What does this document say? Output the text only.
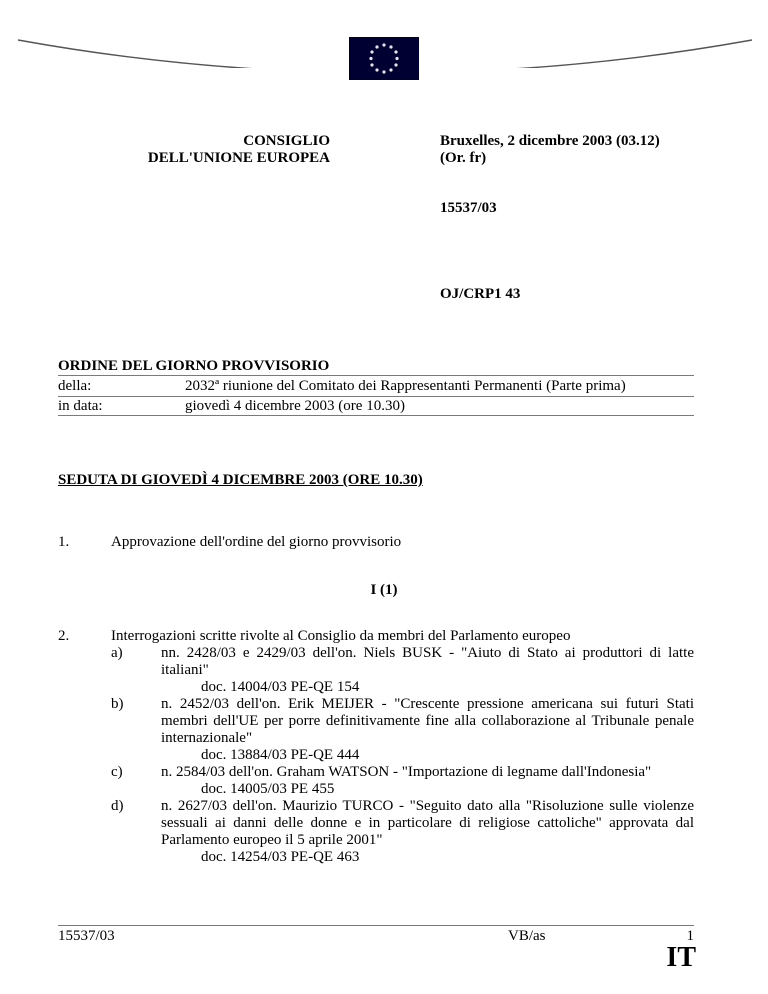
CONSIGLIO
DELL'UNIONE EUROPEA
Bruxelles, 2 dicembre 2003 (03.12)
(Or. fr)
15537/03
OJ/CRP1 43
ORDINE DEL GIORNO PROVVISORIO
della:	2032ª riunione del Comitato dei Rappresentanti Permanenti (Parte prima)
in data:	giovedì 4 dicembre 2003 (ore 10.30)
SEDUTA DI GIOVEDÌ 4 DICEMBRE 2003 (ORE 10.30)
1.	Approvazione dell'ordine del giorno provvisorio
I (1)
2.	Interrogazioni scritte rivolte al Consiglio da membri del Parlamento europeo
a)	nn. 2428/03 e 2429/03 dell'on. Niels BUSK - "Aiuto di Stato ai produttori di latte italiani"
doc. 14004/03 PE-QE 154
b)	n. 2452/03 dell'on. Erik MEIJER - "Crescente pressione americana sui futuri Stati membri dell'UE per porre definitivamente fine alla collaborazione al Tribunale penale internazionale"
doc. 13884/03 PE-QE 444
c)	n. 2584/03 dell'on. Graham WATSON - "Importazione di legname dall'Indonesia"
doc. 14005/03 PE 455
d)	n. 2627/03 dell'on. Maurizio TURCO - "Seguito dato alla "Risoluzione sulle violenze sessuali ai danni delle donne e in particolare di religiose cattoliche" approvata dal Parlamento europeo il 5 aprile 2001"
doc. 14254/03 PE-QE 463
15537/03	VB/as	1
IT
